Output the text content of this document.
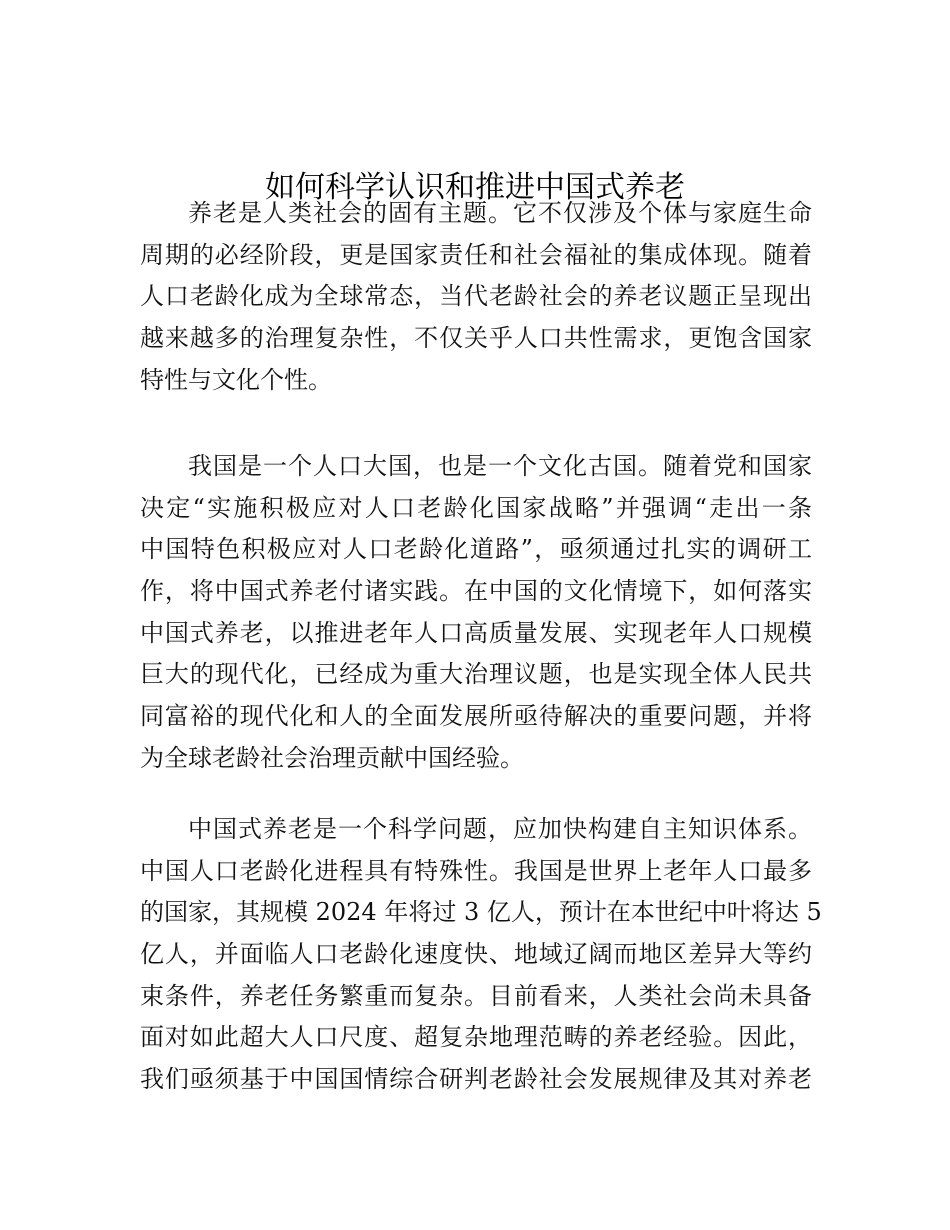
如何科学认识和推进中国式养老
养老是人类社会的固有主题。它不仅涉及个体与家庭生命
周期的必经阶段，更是国家责任和社会福祉的集成体现。随着
人口老龄化成为全球常态，当代老龄社会的养老议题正呈现出
越来越多的治理复杂性，不仅关乎人口共性需求，更饱含国家
特性与文化个性。
我国是一个人口大国，也是一个文化古国。随着党和国家
决定“实施积极应对人口老龄化国家战略”并强调“走出一条
中国特色积极应对人口老龄化道路”，亟须通过扎实的调研工
作，将中国式养老付诸实践。在中国的文化情境下，如何落实
中国式养老，以推进老年人口高质量发展、实现老年人口规模
巨大的现代化，已经成为重大治理议题，也是实现全体人民共
同富裕的现代化和人的全面发展所亟待解决的重要问题，并将
为全球老龄社会治理贡献中国经验。
中国式养老是一个科学问题，应加快构建自主知识体系。
中国人口老龄化进程具有特殊性。我国是世界上老年人口最多
的国家，其规模 2024 年将过 3 亿人，预计在本世纪中叶将达 5
亿人，并面临人口老龄化速度快、地域辽阔而地区差异大等约
束条件，养老任务繁重而复杂。目前看来，人类社会尚未具备
面对如此超大人口尺度、超复杂地理范畴的养老经验。因此，
我们亟须基于中国国情综合研判老龄社会发展规律及其对养老
